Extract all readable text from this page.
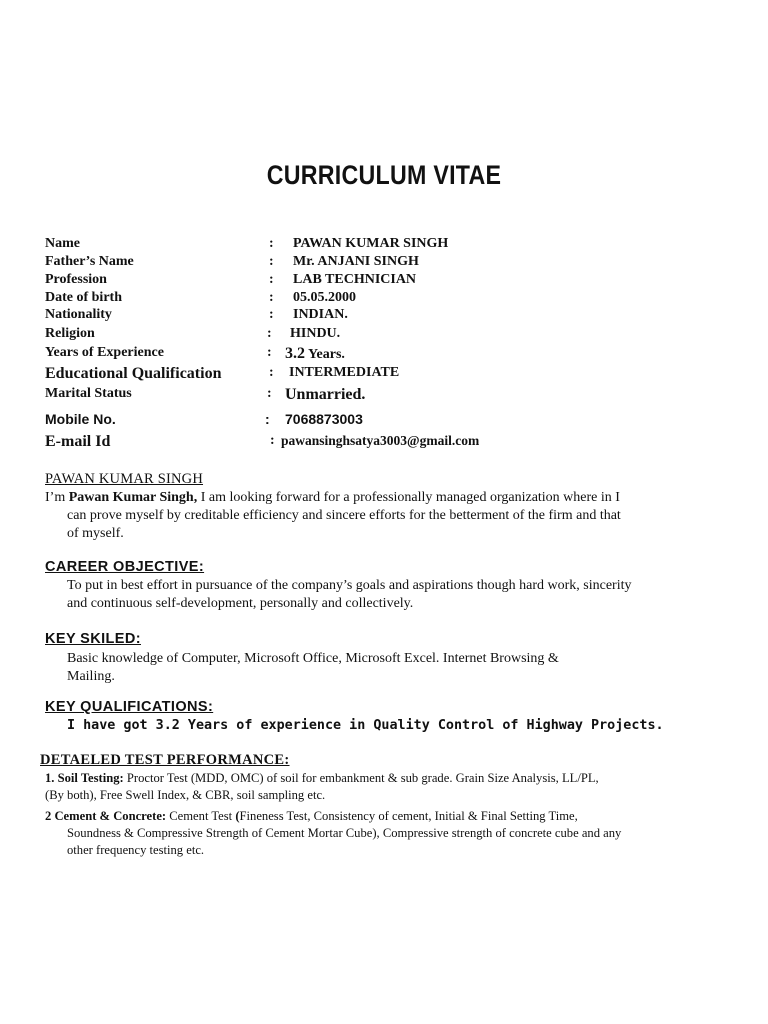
CURRICULUM VITAE
Name	: PAWAN KUMAR SINGH
Father’s Name	: Mr. ANJANI SINGH
Profession	: LAB TECHNICIAN
Date of birth	: 05.05.2000
Nationality	: INDIAN.
Religion	: HINDU.
Years of Experience	: 3.2 Years.
Educational Qualification	: INTERMEDIATE
Marital Status	: Unmarried.
Mobile No.	: 7068873003
E-mail Id	: pawansinghsatya3003@gmail.com
PAWAN KUMAR SINGH
I’m Pawan Kumar Singh, I am looking forward for a professionally managed organization where in I
can prove myself by creditable efficiency and sincere efforts for the betterment of the firm and that
of myself.
CAREER OBJECTIVE:
To put in best effort in pursuance of the company’s goals and aspirations though hard work, sincerity
and continuous self-development, personally and collectively.
KEY SKILED:
Basic knowledge of Computer, Microsoft Office, Microsoft Excel. Internet Browsing &
Mailing.
KEY QUALIFICATIONS:
I have got 3.2 Years of experience in Quality Control of Highway Projects.
DETAELED TEST PERFORMANCE:
1. Soil Testing: Proctor Test (MDD, OMC) of soil for embankment & sub grade. Grain Size Analysis, LL/PL,
(By both), Free Swell Index, & CBR, soil sampling etc.
2 Cement & Concrete: Cement Test (Fineness Test, Consistency of cement, Initial & Final Setting Time,
Soundness & Compressive Strength of Cement Mortar Cube), Compressive strength of concrete cube and any
other frequency testing etc.
